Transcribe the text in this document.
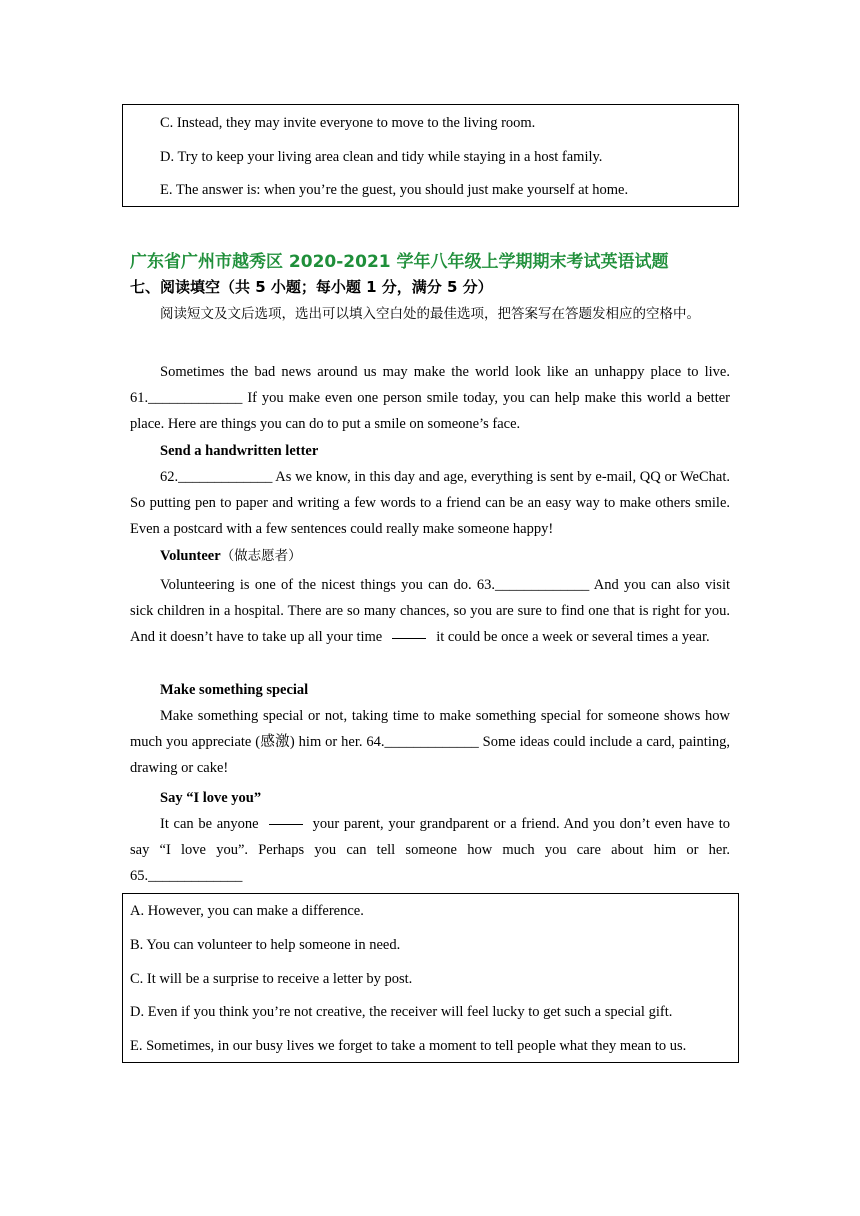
C. Instead, they may invite everyone to move to the living room.
D. Try to keep your living area clean and tidy while staying in a host family.
E. The answer is: when you’re the guest, you should just make yourself at home.
广东省广州市越秀区 2020-2021 学年八年级上学期期末考试英语试题
七、阅读填空（共 5 小题；每小题 1 分，满分 5 分）
阅读短文及文后选项，选出可以填入空白处的最佳选项，把答案写在答题发相应的空格中。
Sometimes the bad news around us may make the world look like an unhappy place to live. 61._____________ If you make even one person smile today, you can help make this world a better place. Here are things you can do to put a smile on someone’s face.
Send a handwritten letter
62._____________ As we know, in this day and age, everything is sent by e-mail, QQ or WeChat. So putting pen to paper and writing a few words to a friend can be an easy way to make others smile. Even a postcard with a few sentences could really make someone happy!
Volunteer（做志愿者）
Volunteering is one of the nicest things you can do. 63._____________ And you can also visit sick children in a hospital. There are so many chances, so you are sure to find one that is right for you. And it doesn’t have to take up all your time	it could be once a week or several times a year.
Make something special
Make something special or not, taking time to make something special for someone shows how much you appreciate (感激) him or her. 64._____________ Some ideas could include a card, painting, drawing or cake!
Say “I love you”
It can be anyone	your parent, your grandparent or a friend. And you don’t even have to say “I love you”. Perhaps you can tell someone how much you care about him or her. 65._____________
A. However, you can make a difference.
B. You can volunteer to help someone in need.
C. It will be a surprise to receive a letter by post.
D. Even if you think you’re not creative, the receiver will feel lucky to get such a special gift.
E. Sometimes, in our busy lives we forget to take a moment to tell people what they mean to us.
